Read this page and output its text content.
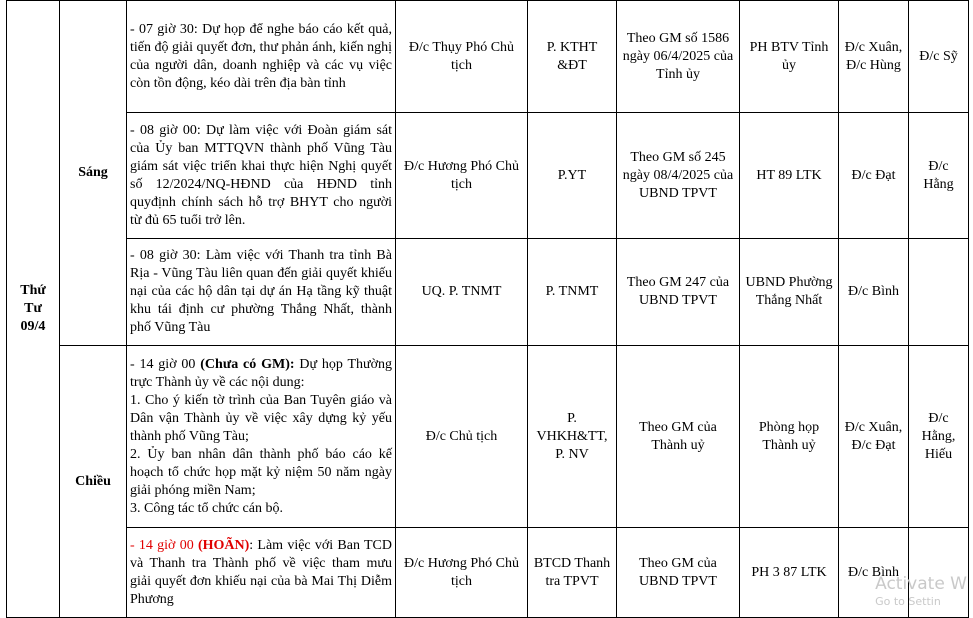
Thứ
Tư
09/4	Sáng	- 07 giờ 30: Dự họp để nghe báo cáo kết quả, tiến độ giải quyết đơn, thư phản ánh, kiến nghị của người dân, doanh nghiệp và các vụ việc còn tồn động, kéo dài trên địa bàn tỉnh	Đ/c Thụy Phó Chủ tịch	P. KTHT &ĐT	Theo GM số 1586 ngày 06/4/2025 của Tỉnh ủy	PH BTV Tỉnh ủy	Đ/c Xuân, Đ/c Hùng	Đ/c Sỹ
		- 08 giờ 00: Dự làm việc với Đoàn giám sát của Ủy ban MTTQVN thành phố Vũng Tàu giám sát việc triển khai thực hiện Nghị quyết số 12/2024/NQ-HĐND của HĐND tỉnh quyđịnh chính sách hỗ trợ BHYT cho người từ đủ 65 tuổi trở lên.	Đ/c Hương Phó Chủ tịch	P.YT	Theo GM số 245 ngày 08/4/2025 của UBND TPVT	HT 89 LTK	Đ/c Đạt	Đ/c Hằng
		- 08 giờ 30: Làm việc với Thanh tra tỉnh Bà Rịa - Vũng Tàu liên quan đến giải quyết khiếu nại của các hộ dân tại dự án Hạ tầng kỹ thuật khu tái định cư phường Thắng Nhất, thành phố Vũng Tàu	UQ. P. TNMT	P. TNMT	Theo GM 247 của UBND TPVT	UBND Phường Thắng Nhất	Đ/c Bình	
	Chiều	- 14 giờ 00 (Chưa có GM): Dự họp Thường trực Thành ủy về các nội dung:
1. Cho ý kiến tờ trình của Ban Tuyên giáo và Dân vận Thành ủy về việc xây dựng kỷ yếu thành phố Vũng Tàu;
2. Ủy ban nhân dân thành phố báo cáo kế hoạch tổ chức họp mặt kỷ niệm 50 năm ngày giải phóng miền Nam;
3. Công tác tổ chức cán bộ.	Đ/c Chủ tịch	P. VHKH&TT, P. NV	Theo GM của Thành uỷ	Phòng họp Thành uỷ	Đ/c Xuân, Đ/c Đạt	Đ/c Hằng, Hiếu
		- 14 giờ 00 (HOÃN): Làm việc với Ban TCD và Thanh tra Thành phố về việc tham mưu giải quyết đơn khiếu nại của bà Mai Thị Diễm Phương	Đ/c Hương Phó Chủ tịch	BTCD Thanh tra TPVT	Theo GM của UBND TPVT	PH 3 87 LTK	Đ/c Bình	
Activate W
Go to Settin
